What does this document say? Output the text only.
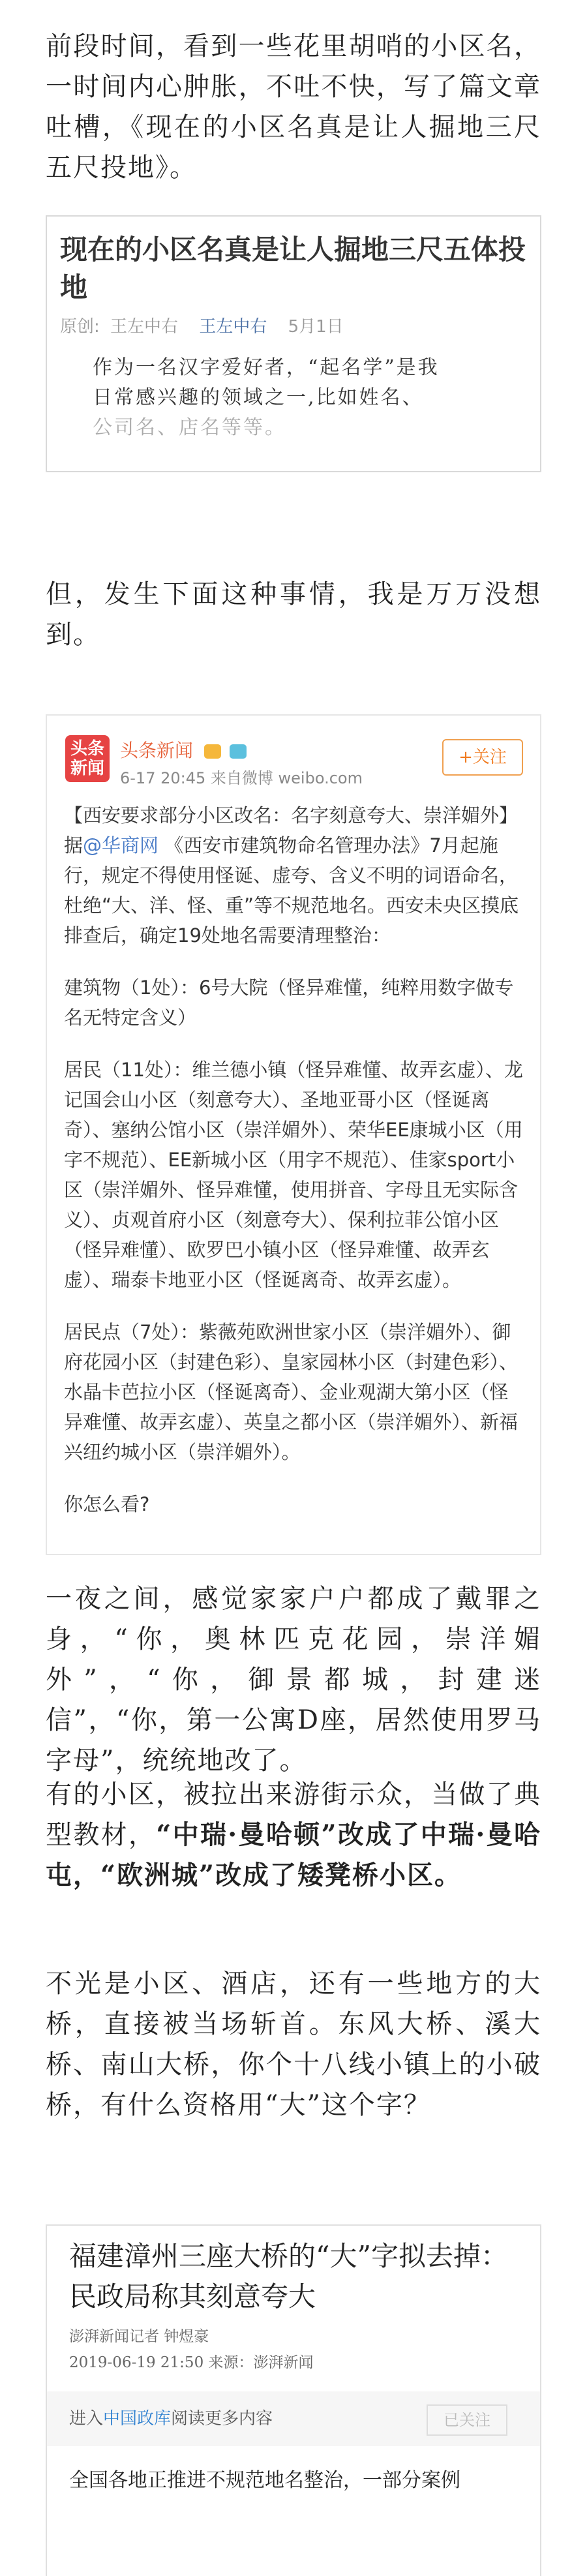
前段时间，看到一些花里胡哨的小区名，一时间内心肿胀，不吐不快，写了篇文章吐槽，《现在的小区名真是让人掘地三尺五尺投地》。

现在的小区名真是让人掘地三尺五体投地
原创: 王左中右 王左中右 5月1日
作为一名汉字爱好者，“起名学”是我
日常感兴趣的领域之一,比如姓名、
公司名、店名等等。

但，发生下面这种事情，我是万万没想到。

头条
新闻
头条新闻
6-17 20:45 来自微博 weibo.com
+关注

【西安要求部分小区改名：名字刻意夸大、崇洋媚外】据@华商网 《西安市建筑物命名管理办法》7月起施行，规定不得使用怪诞、虚夸、含义不明的词语命名，杜绝“大、洋、怪、重”等不规范地名。西安未央区摸底排查后，确定19处地名需要清理整治：

建筑物（1处）：6号大院（怪异难懂，纯粹用数字做专名无特定含义）

居民（11处）：维兰德小镇（怪异难懂、故弄玄虚）、龙记国会山小区（刻意夸大）、圣地亚哥小区（怪诞离奇）、塞纳公馆小区（崇洋媚外）、荣华EE康城小区（用字不规范）、EE新城小区（用字不规范）、佳家sport小区（崇洋媚外、怪异难懂，使用拼音、字母且无实际含义）、贞观首府小区（刻意夸大）、保利拉菲公馆小区（怪异难懂）、欧罗巴小镇小区（怪异难懂、故弄玄虚）、瑞泰卡地亚小区（怪诞离奇、故弄玄虚）。

居民点（7处）：紫薇苑欧洲世家小区（崇洋媚外）、御府花园小区（封建色彩）、皇家园林小区（封建色彩）、水晶卡芭拉小区（怪诞离奇）、金业观湖大第小区（怪异难懂、故弄玄虚）、英皇之都小区（崇洋媚外）、新福兴纽约城小区（崇洋媚外）。

你怎么看?

一夜之间，感觉家家户户都成了戴罪之身，“你，奥林匹克花园，崇洋媚外”，“你，御景都城，封建迷信”，“你，第一公寓D座，居然使用罗马字母”，统统地改了。

有的小区，被拉出来游街示众，当做了典型教材，“中瑞·曼哈顿”改成了中瑞·曼哈屯，“欧洲城”改成了矮凳桥小区。

不光是小区、酒店，还有一些地方的大桥，直接被当场斩首。东风大桥、溪大桥、南山大桥，你个十八线小镇上的小破桥，有什么资格用“大”这个字？

福建漳州三座大桥的“大”字拟去掉：民政局称其刻意夸大
澎湃新闻记者 钟煜豪
2019-06-19 21:50 来源：澎湃新闻
进入中国政库阅读更多内容	已关注
全国各地正推进不规范地名整治，一部分案例
